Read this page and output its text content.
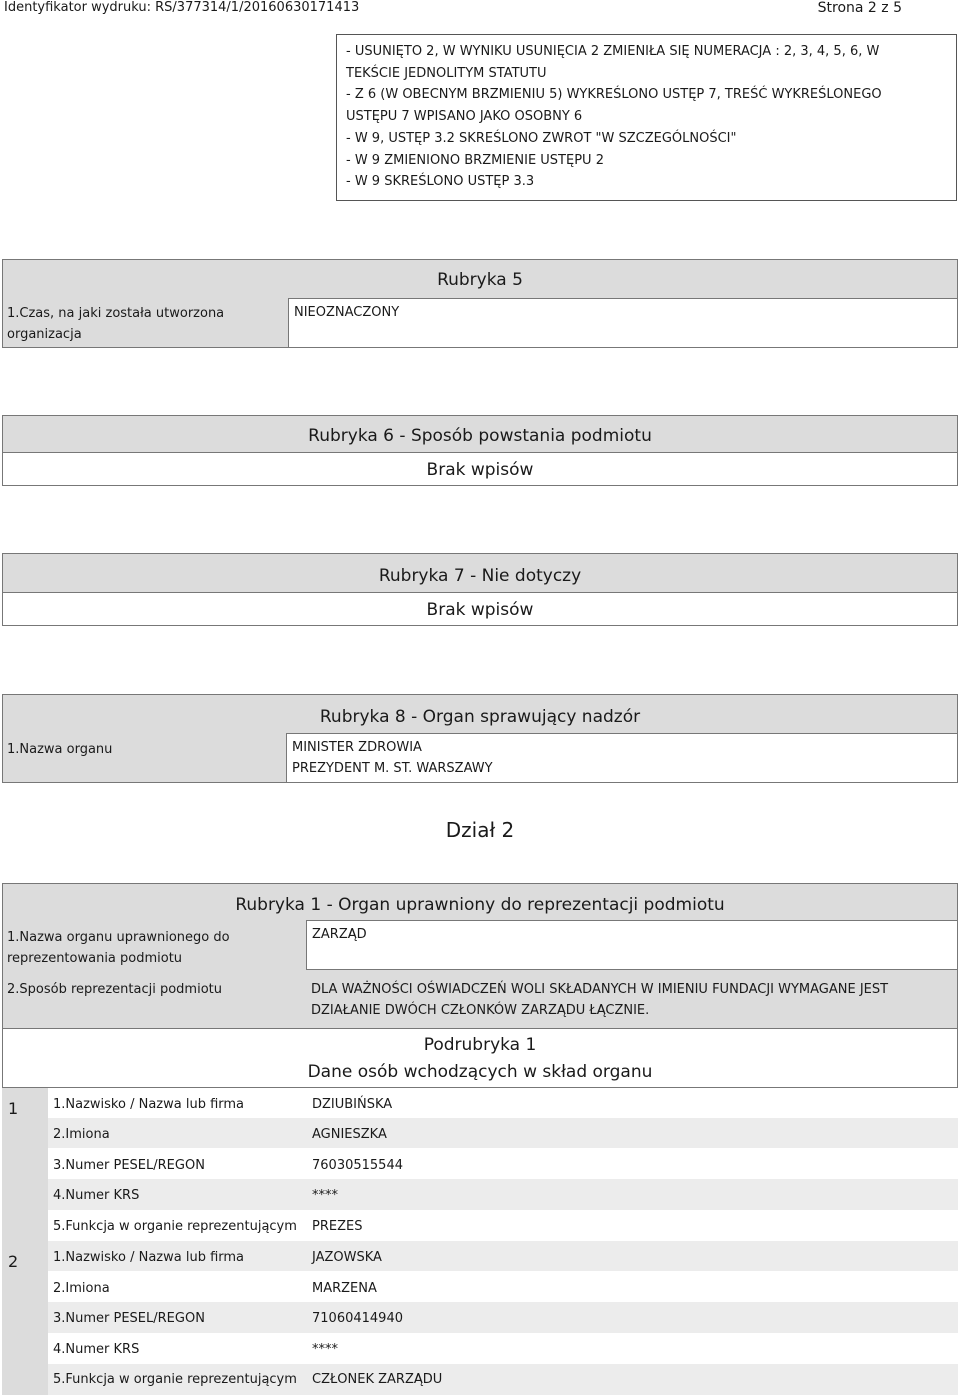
Identyfikator wydruku: RS/377314/1/20160630171413	Strona 2 z 5
- USUNIĘTO 2, W WYNIKU USUNIĘCIA 2 ZMIENIŁA SIĘ NUMERACJA : 2, 3, 4, 5, 6, W
TEKŚCIE JEDNOLITYM STATUTU
- Z 6 (W OBECNYM BRZMIENIU 5) WYKREŚLONO USTĘP 7, TREŚĆ WYKREŚLONEGO
USTĘPU 7 WPISANO JAKO OSOBNY 6
- W 9, USTĘP 3.2 SKREŚLONO ZWROT "W SZCZEGÓLNOŚCI"
- W 9 ZMIENIONO BRZMIENIE USTĘPU 2
- W 9 SKREŚLONO USTĘP 3.3
Rubryka 5
1.Czas, na jaki została utworzona organizacja
NIEOZNACZONY
Rubryka 6 - Sposób powstania podmiotu
Brak wpisów
Rubryka 7 - Nie dotyczy
Brak wpisów
Rubryka 8 - Organ sprawujący nadzór
1.Nazwa organu	MINISTER ZDROWIA
PREZYDENT M. ST. WARSZAWY
Dział 2
Rubryka 1 - Organ uprawniony do reprezentacji podmiotu
1.Nazwa organu uprawnionego do reprezentowania podmiotu
ZARZĄD
2.Sposób reprezentacji podmiotu	DLA WAŻNOŚCI OŚWIADCZEŃ WOLI SKŁADANYCH W IMIENIU FUNDACJI WYMAGANE JEST DZIAŁANIE DWÓCH CZŁONKÓW ZARZĄDU ŁĄCZNIE.
Podrubryka 1
Dane osób wchodzących w skład organu
1	1.Nazwisko / Nazwa lub firma	DZIUBIŃSKA
2.Imiona	AGNIESZKA
3.Numer PESEL/REGON	76030515544
4.Numer KRS	****
5.Funkcja w organie reprezentującym PREZES
2	1.Nazwisko / Nazwa lub firma	JAZOWSKA
2.Imiona	MARZENA
3.Numer PESEL/REGON	71060414940
4.Numer KRS	****
5.Funkcja w organie reprezentującym CZŁONEK ZARZĄDU
